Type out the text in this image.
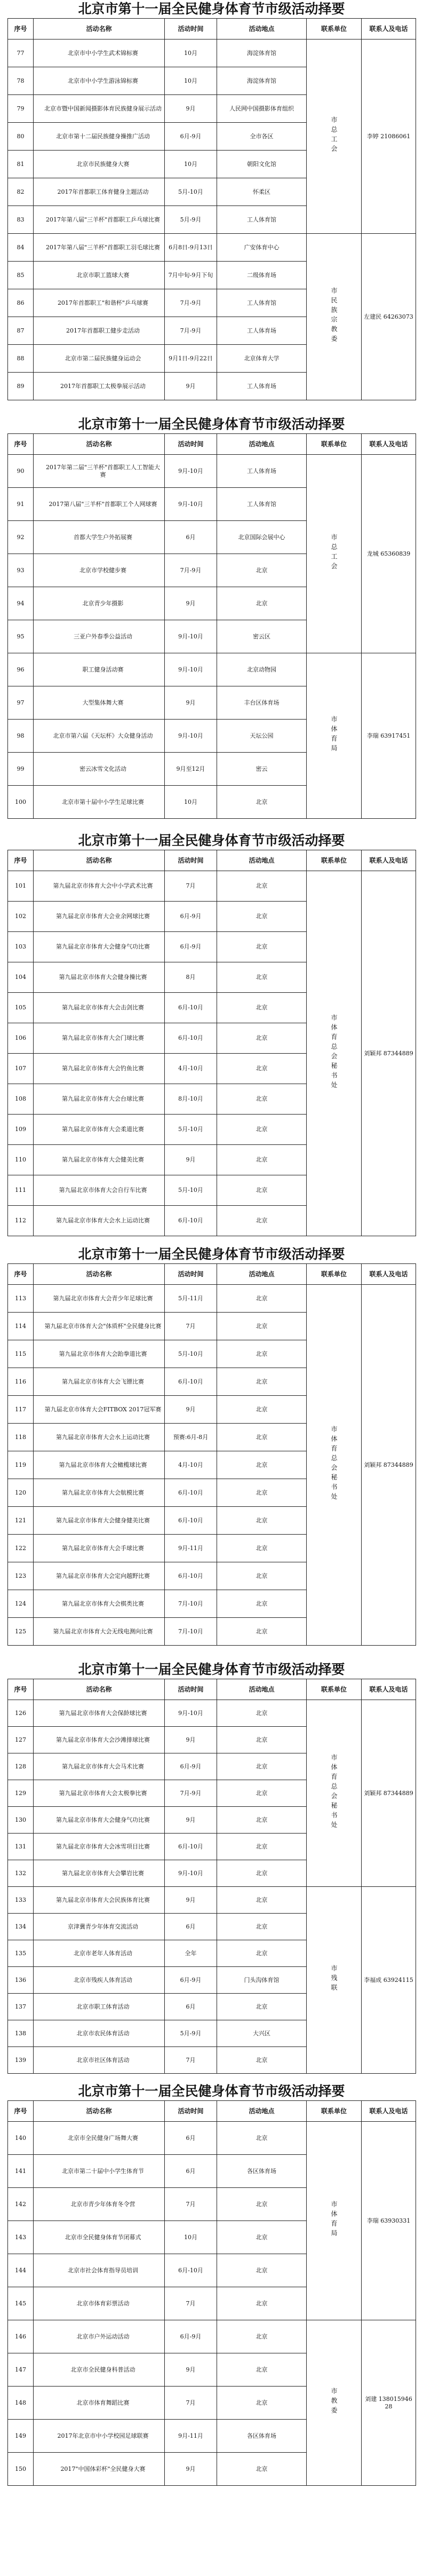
北京市第十一届全民健身体育节市级活动择要
序号	活动名称	活动时间	活动地点	联系单位	联系人及电话
77	北京市中小学生武术锦标赛	10月	海淀体育馆	市总工会	李婷 21086061
78	北京市中小学生游泳锦标赛	10月	海淀体育馆		
79	北京市暨中国新闻摄影体育民族健身展示活动	9月	人民网中国摄影体育组织		
80	北京市第十二届民族健身操推广活动	6月-9月	全市各区		
81	北京市民族健身大赛	10月	朝阳文化馆		
82	2017年首都职工体育健身主题活动	5月-10月	怀柔区		
83	2017年第八届"三羊杯"首都职工乒乓球比赛	5月-9月	工人体育馆		
84	2017年第八届"三羊杯"首都职工羽毛球比赛	6月8日-9月13日	广安体育中心	市民族宗教委	左建民 64263073
85	北京市职工篮球大赛	7月中旬-9月下旬	二级体育场		
86	2017年首都职工"和谐杯"乒乓球赛	7月-9月	工人体育馆		
87	2017年首都职工健步走活动	7月-9月	工人体育场		
88	北京市第二届民族健身运动会	9月1日-9月22日	北京体育大学		
89	2017年首都职工太极拳展示活动	9月	工人体育场		
北京市第十一届全民健身体育节市级活动择要
序号	活动名称	活动时间	活动地点	联系单位	联系人及电话
90	2017年第二届"三羊杯"首都职工人工智能大赛	9月-10月	工人体育场	市总工会	龙城 65360839
91	2017第八届"三羊杯"首都职工个人网球赛	9月-10月	工人体育馆		
92	首都大学生户外拓展赛	6月	北京国际会展中心		
93	北京市学校健步赛	7月-9月	北京		
94	北京青少年摄影	9月	北京		
95	三亚户外春季公益活动	9月-10月	密云区		
96	职工健身活动赛	9月-10月	北京动物园	市体育局	李瑞 63917451
97	大型集体舞大赛	9月	丰台区体育场		
98	北京市第六届《天坛杯》大众健身活动	9月-10月	天坛公园		
99	密云冰雪文化活动	9月至12月	密云		
100	北京市第十届中小学生足球比赛	10月	北京		
北京市第十一届全民健身体育节市级活动择要
序号	活动名称	活动时间	活动地点	联系单位	联系人及电话
101	第九届北京市体育大会中小学武术比赛	7月	北京	市体育总会秘书处	刘颖邦 87344889
102	第九届北京市体育大会业余网球比赛	6月-9月	北京		
103	第九届北京市体育大会健身气功比赛	6月-9月	北京		
104	第九届北京市体育大会健身操比赛	8月	北京		
105	第九届北京市体育大会击剑比赛	6月-10月	北京		
106	第九届北京市体育大会门球比赛	6月-10月	北京		
107	第九届北京市体育大会钓鱼比赛	4月-10月	北京		
108	第九届北京市体育大会台球比赛	8月-10月	北京		
109	第九届北京市体育大会柔道比赛	5月-10月	北京		
110	第九届北京市体育大会健美比赛	9月	北京		
111	第九届北京市体育大会自行车比赛	5月-10月	北京		
112	第九届北京市体育大会水上运动比赛	6月-10月	北京		
北京市第十一届全民健身体育节市级活动择要
序号	活动名称	活动时间	活动地点	联系单位	联系人及电话
113	第九届北京市体育大会青少年足球比赛	5月-11月	北京	市体育总会秘书处	刘颖邦 87344889
114	第九届北京市体育大会"体质杯"全民健身比赛	7月	北京		
115	第九届北京市体育大会跆拳道比赛	5月-10月	北京		
116	第九届北京市体育大会飞镖比赛	6月-10月	北京		
117	第九届北京市体育大会FITBOX 2017冠军赛	9月	北京		
118	第九届北京市体育大会水上运动比赛	预赛:6月-8月	北京		
119	第九届北京市体育大会橄榄球比赛	4月-10月	北京		
120	第九届北京市体育大会航模比赛	6月-10月	北京		
121	第九届北京市体育大会健身健美比赛	6月-10月	北京		
122	第九届北京市体育大会手球比赛	9月-11月	北京		
123	第九届北京市体育大会定向越野比赛	6月-10月	北京		
124	第九届北京市体育大会棋类比赛	7月-10月	北京		
125	第九届北京市体育大会无线电测向比赛	7月-10月	北京		
北京市第十一届全民健身体育节市级活动择要
序号	活动名称	活动时间	活动地点	联系单位	联系人及电话
126	第九届北京市体育大会保龄球比赛	9月-10月	北京	市体育总会秘书处	刘颖邦 87344889
127	第九届北京市体育大会沙滩排球比赛	9月	北京		
128	第九届北京市体育大会马术比赛	6月-9月	北京		
129	第九届北京市体育大会太极拳比赛	7月-9月	北京		
130	第九届北京市体育大会健身气功比赛	9月	北京		
131	第九届北京市体育大会冰雪项目比赛	6月-10月	北京		
132	第九届北京市体育大会攀岩比赛	9月-10月	北京		
133	第九届北京市体育大会民族体育比赛	9月	北京	市残联	李福成 63924115
134	京津冀青少年体育交流活动	6月	北京		
135	北京市老年人体育活动	全年	北京		
136	北京市残疾人体育活动	6月-9月	门头沟体育馆		
137	北京市职工体育活动	6月	北京		
138	北京市农民体育活动	5月-9月	大兴区		
139	北京市社区体育活动	7月	北京		
北京市第十一届全民健身体育节市级活动择要
序号	活动名称	活动时间	活动地点	联系单位	联系人及电话
140	北京市全民健身广场舞大赛	6月	北京	市体育局	李瑞 63930331
141	北京市第二十届中小学生体育节	6月	各区体育场		
142	北京市青少年体育冬令营	7月	北京		
143	北京市全民健身体育节闭幕式	10月	北京		
144	北京市社会体育指导员培训	6月-10月	北京		
145	北京市体育彩票活动	7月	北京		
146	北京市户外运动活动	6月-9月	北京	市教委	刘建 13801594628
147	北京市全民健身科普活动	9月	北京		
148	北京市体育舞蹈比赛	7月	北京		
149	2017年北京市中小学校园足球联赛	9月-11月	各区体育场		
150	2017"中国体彩杯"全民健身大赛	9月	北京		
